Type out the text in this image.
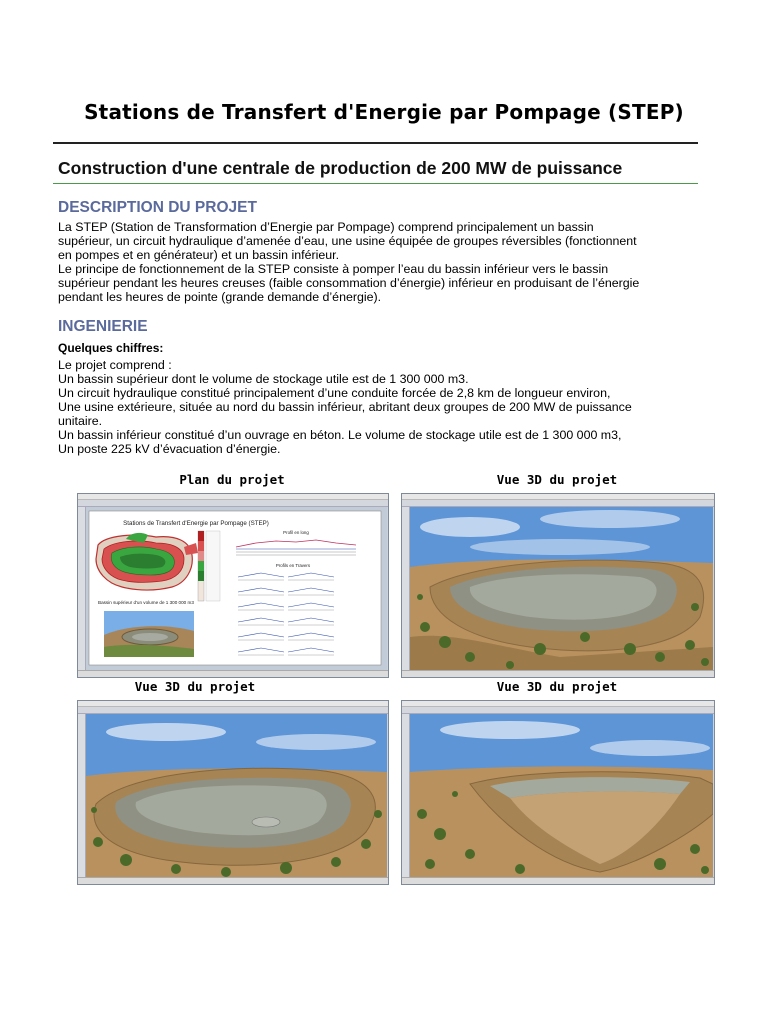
Stations de Transfert d'Energie par Pompage (STEP)
Construction d'une centrale de production de 200 MW de puissance
DESCRIPTION DU PROJET

La STEP (Station de Transformation d’Energie par Pompage) comprend principalement un bassin

supérieur, un circuit hydraulique d’amenée d’eau, une usine équipée de groupes réversibles (fonctionnent

en pompes et en générateur) et un bassin inférieur.

Le principe de fonctionnement de la STEP consiste à pomper l’eau du bassin inférieur vers le bassin

supérieur pendant les heures creuses (faible consommation d’énergie) inférieur en produisant de l’énergie

pendant les heures de pointe (grande demande d’énergie).

INGENIERIE
Quelques chiffres:

Le projet comprend :

Un bassin supérieur dont le volume de stockage utile est de 1 300 000 m3.

Un circuit hydraulique constitué principalement d’une conduite forcée de 2,8 km de longueur environ,

Une usine extérieure, située au nord du bassin inférieur, abritant deux groupes de 200 MW de puissance

unitaire.

Un bassin inférieur constitué d’un ouvrage en béton. Le volume de stockage utile est de 1 300 000 m3,

Un poste 225 kV d’évacuation d’énergie.

Plan du projet	Vue 3D du projet
Vue 3D du projet	Vue 3D du projet
Stations de Transfert d'Energie par Pompage (STEP)
Bassin supérieur d'un volume de 1 300 000 m3
Profil en long
Profils en Travers
